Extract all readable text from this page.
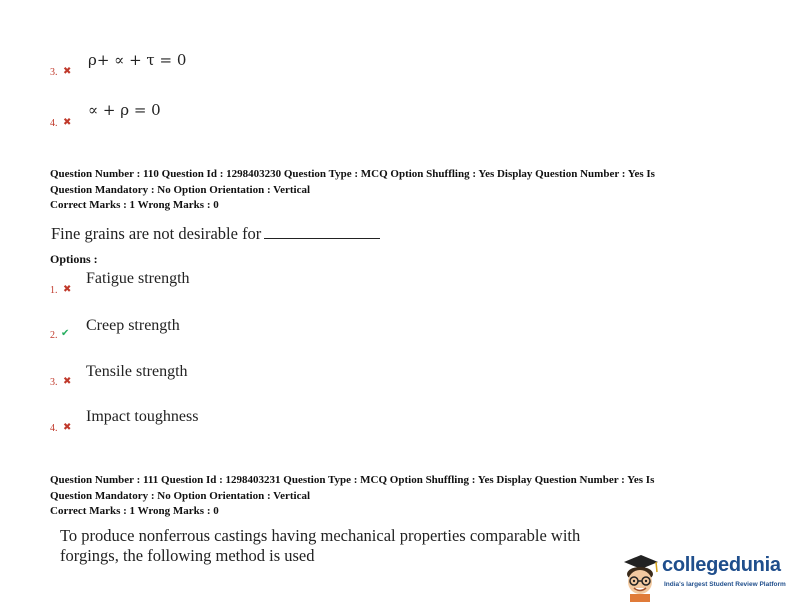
3. ✖
ρ+ ∝ + τ = 0
4. ✖
∝ + ρ = 0
Question Number : 110 Question Id : 1298403230 Question Type : MCQ Option Shuffling : Yes Display Question Number : Yes Is
Question Mandatory : No Option Orientation : Vertical
Correct Marks : 1 Wrong Marks : 0
Fine grains are not desirable for
Options :
1. ✖
Fatigue strength
2. ✔ Creep strength
3. ✖
Tensile strength
4. ✖
Impact toughness
Question Number : 111 Question Id : 1298403231 Question Type : MCQ Option Shuffling : Yes Display Question Number : Yes Is
Question Mandatory : No Option Orientation : Vertical
Correct Marks : 1 Wrong Marks : 0
To produce nonferrous castings having mechanical properties comparable with
forgings, the following method is used	collegedunia
India's largest Student Review Platform
